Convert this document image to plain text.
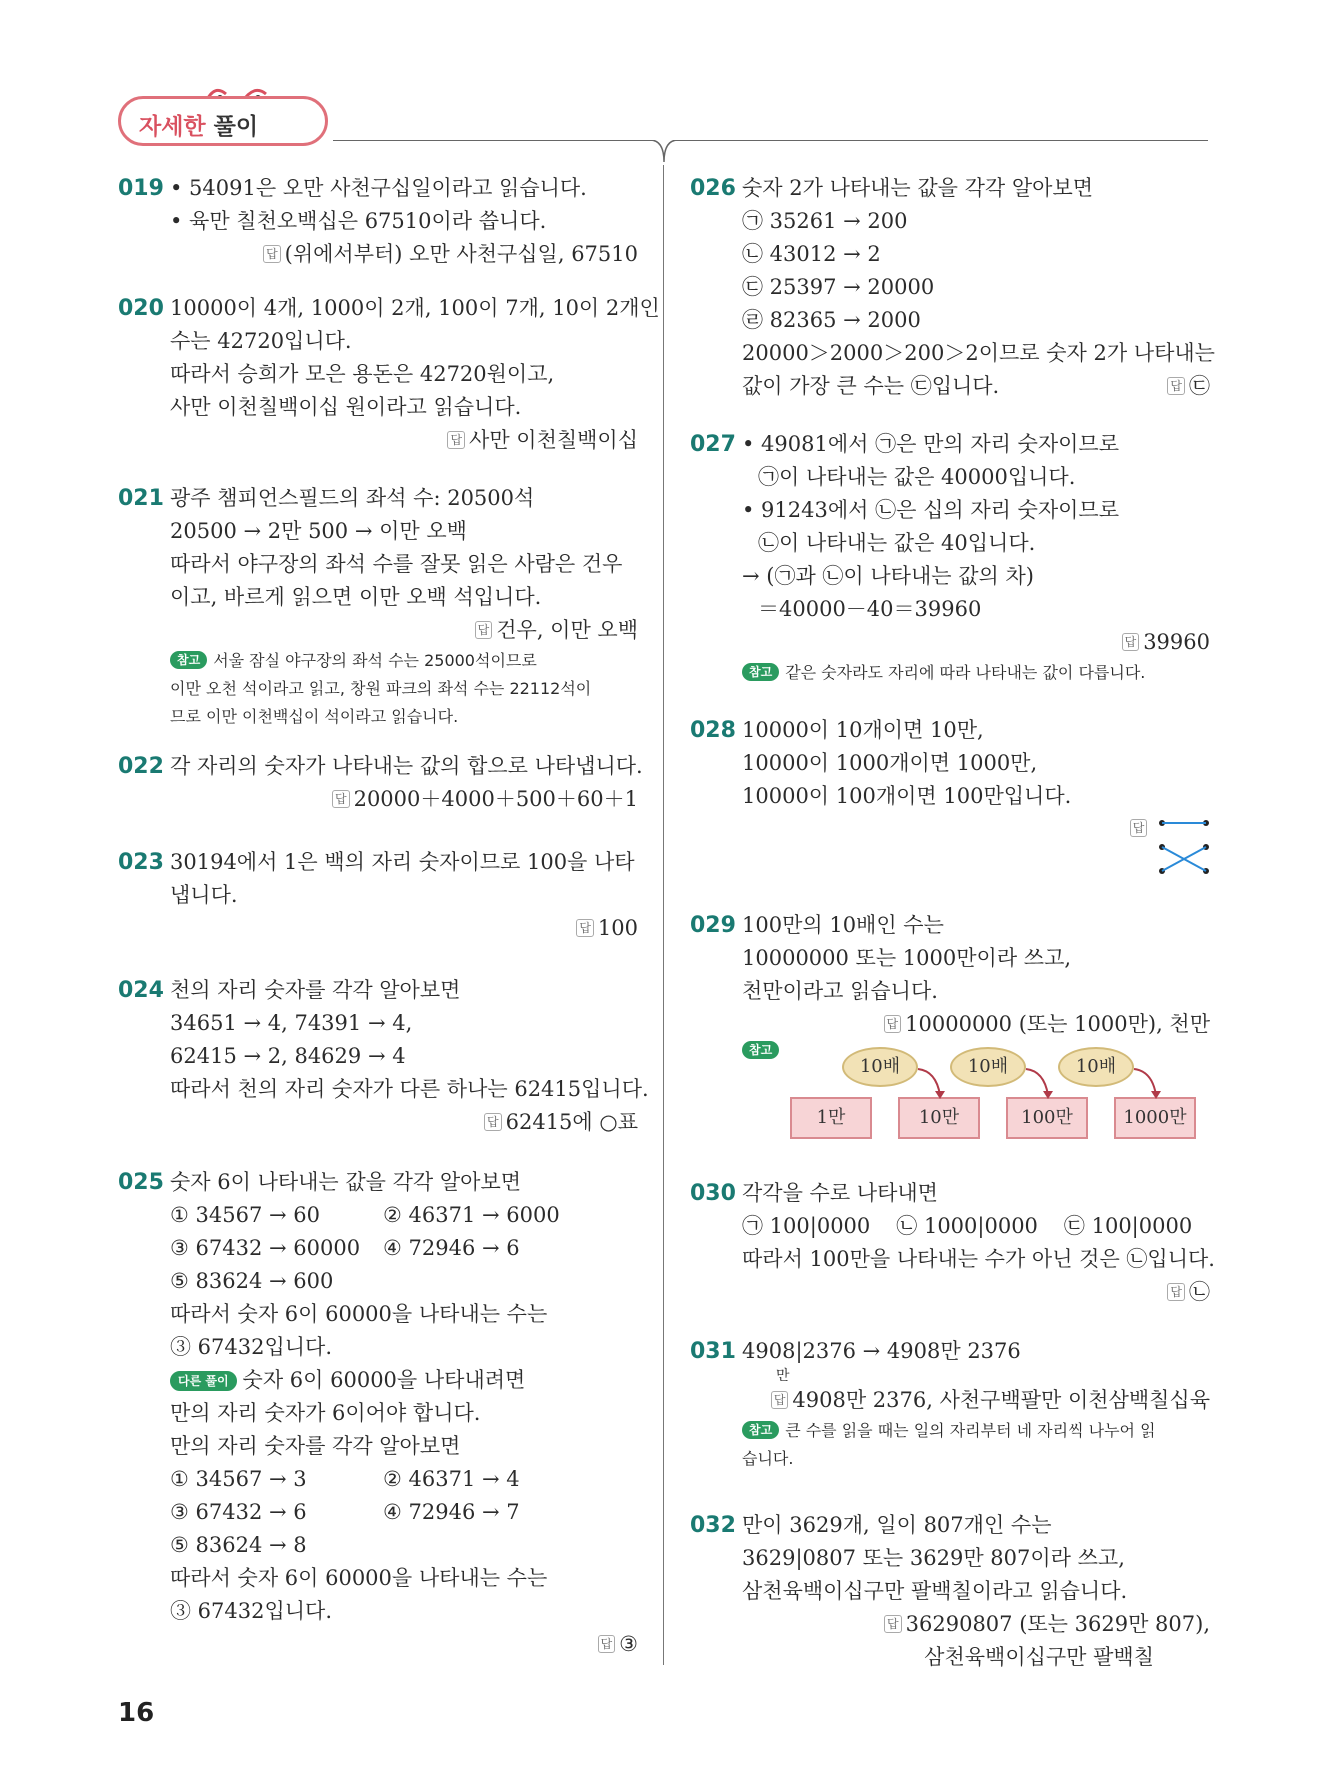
자세한 풀이
019 • 54091은 오만 사천구십일이라고 읽습니다.
• 육만 칠천오백십은 67510이라 씁니다.
답 (위에서부터) 오만 사천구십일, 67510
020 10000이 4개, 1000이 2개, 100이 7개, 10이 2개인
수는 42720입니다.
따라서 승희가 모은 용돈은 42720원이고,
사만 이천칠백이십 원이라고 읽습니다.
답 사만 이천칠백이십
021 광주 챔피언스필드의 좌석 수: 20500석
20500 → 2만 500 → 이만 오백
따라서 야구장의 좌석 수를 잘못 읽은 사람은 건우
이고, 바르게 읽으면 이만 오백 석입니다.
답 건우, 이만 오백
참고 서울 잠실 야구장의 좌석 수는 25000석이므로
이만 오천 석이라고 읽고, 창원 파크의 좌석 수는 22112석이
므로 이만 이천백십이 석이라고 읽습니다.
022 각 자리의 숫자가 나타내는 값의 합으로 나타냅니다.
답 20000＋4000＋500＋60＋1
023 30194에서 1은 백의 자리 숫자이므로 100을 나타
냅니다.
답 100
024 천의 자리 숫자를 각각 알아보면
34651 → 4, 74391 → 4,
62415 → 2, 84629 → 4
따라서 천의 자리 숫자가 다른 하나는 62415입니다.
답 62415에 ○표
025 숫자 6이 나타내는 값을 각각 알아보면
① 34567 → 60	② 46371 → 6000
③ 67432 → 60000	④ 72946 → 6
⑤ 83624 → 600
따라서 숫자 6이 60000을 나타내는 수는
③ 67432입니다.
다른 풀이 숫자 6이 60000을 나타내려면
만의 자리 숫자가 6이어야 합니다.
만의 자리 숫자를 각각 알아보면
① 34567 → 3	② 46371 → 4
③ 67432 → 6	④ 72946 → 7
⑤ 83624 → 8
따라서 숫자 6이 60000을 나타내는 수는
③ 67432입니다.
답 ③
026 숫자 2가 나타내는 값을 각각 알아보면
㉠ 35261 → 200
㉡ 43012 → 2
㉢ 25397 → 20000
㉣ 82365 → 2000
20000＞2000＞200＞2이므로 숫자 2가 나타내는
값이 가장 큰 수는 ㉢입니다.	답 ㉢
027 • 49081에서 ㉠은 만의 자리 숫자이므로
㉠이 나타내는 값은 40000입니다.
• 91243에서 ㉡은 십의 자리 숫자이므로
㉡이 나타내는 값은 40입니다.
→ (㉠과 ㉡이 나타내는 값의 차)
＝40000－40＝39960
답 39960
참고 같은 숫자라도 자리에 따라 나타내는 값이 다릅니다.
028 10000이 10개이면 10만,
10000이 1000개이면 1000만,
10000이 100개이면 100만입니다.
답
029 100만의 10배인 수는
10000000 또는 1000만이라 쓰고,
천만이라고 읽습니다.
답 10000000 (또는 1000만), 천만
참고
1만	10만	100만	1000만
10배	10배	10배
030 각각을 수로 나타내면
㉠ 100|0000 ㉡ 1000|0000 ㉢ 100|0000
따라서 100만을 나타내는 수가 아닌 것은 ㉡입니다.
답 ㉡
031 4908|2376 → 4908만 2376
만
답 4908만 2376, 사천구백팔만 이천삼백칠십육
참고 큰 수를 읽을 때는 일의 자리부터 네 자리씩 나누어 읽
습니다.
032 만이 3629개, 일이 807개인 수는
3629|0807 또는 3629만 807이라 쓰고,
삼천육백이십구만 팔백칠이라고 읽습니다.
답 36290807 (또는 3629만 807),
삼천육백이십구만 팔백칠
16
